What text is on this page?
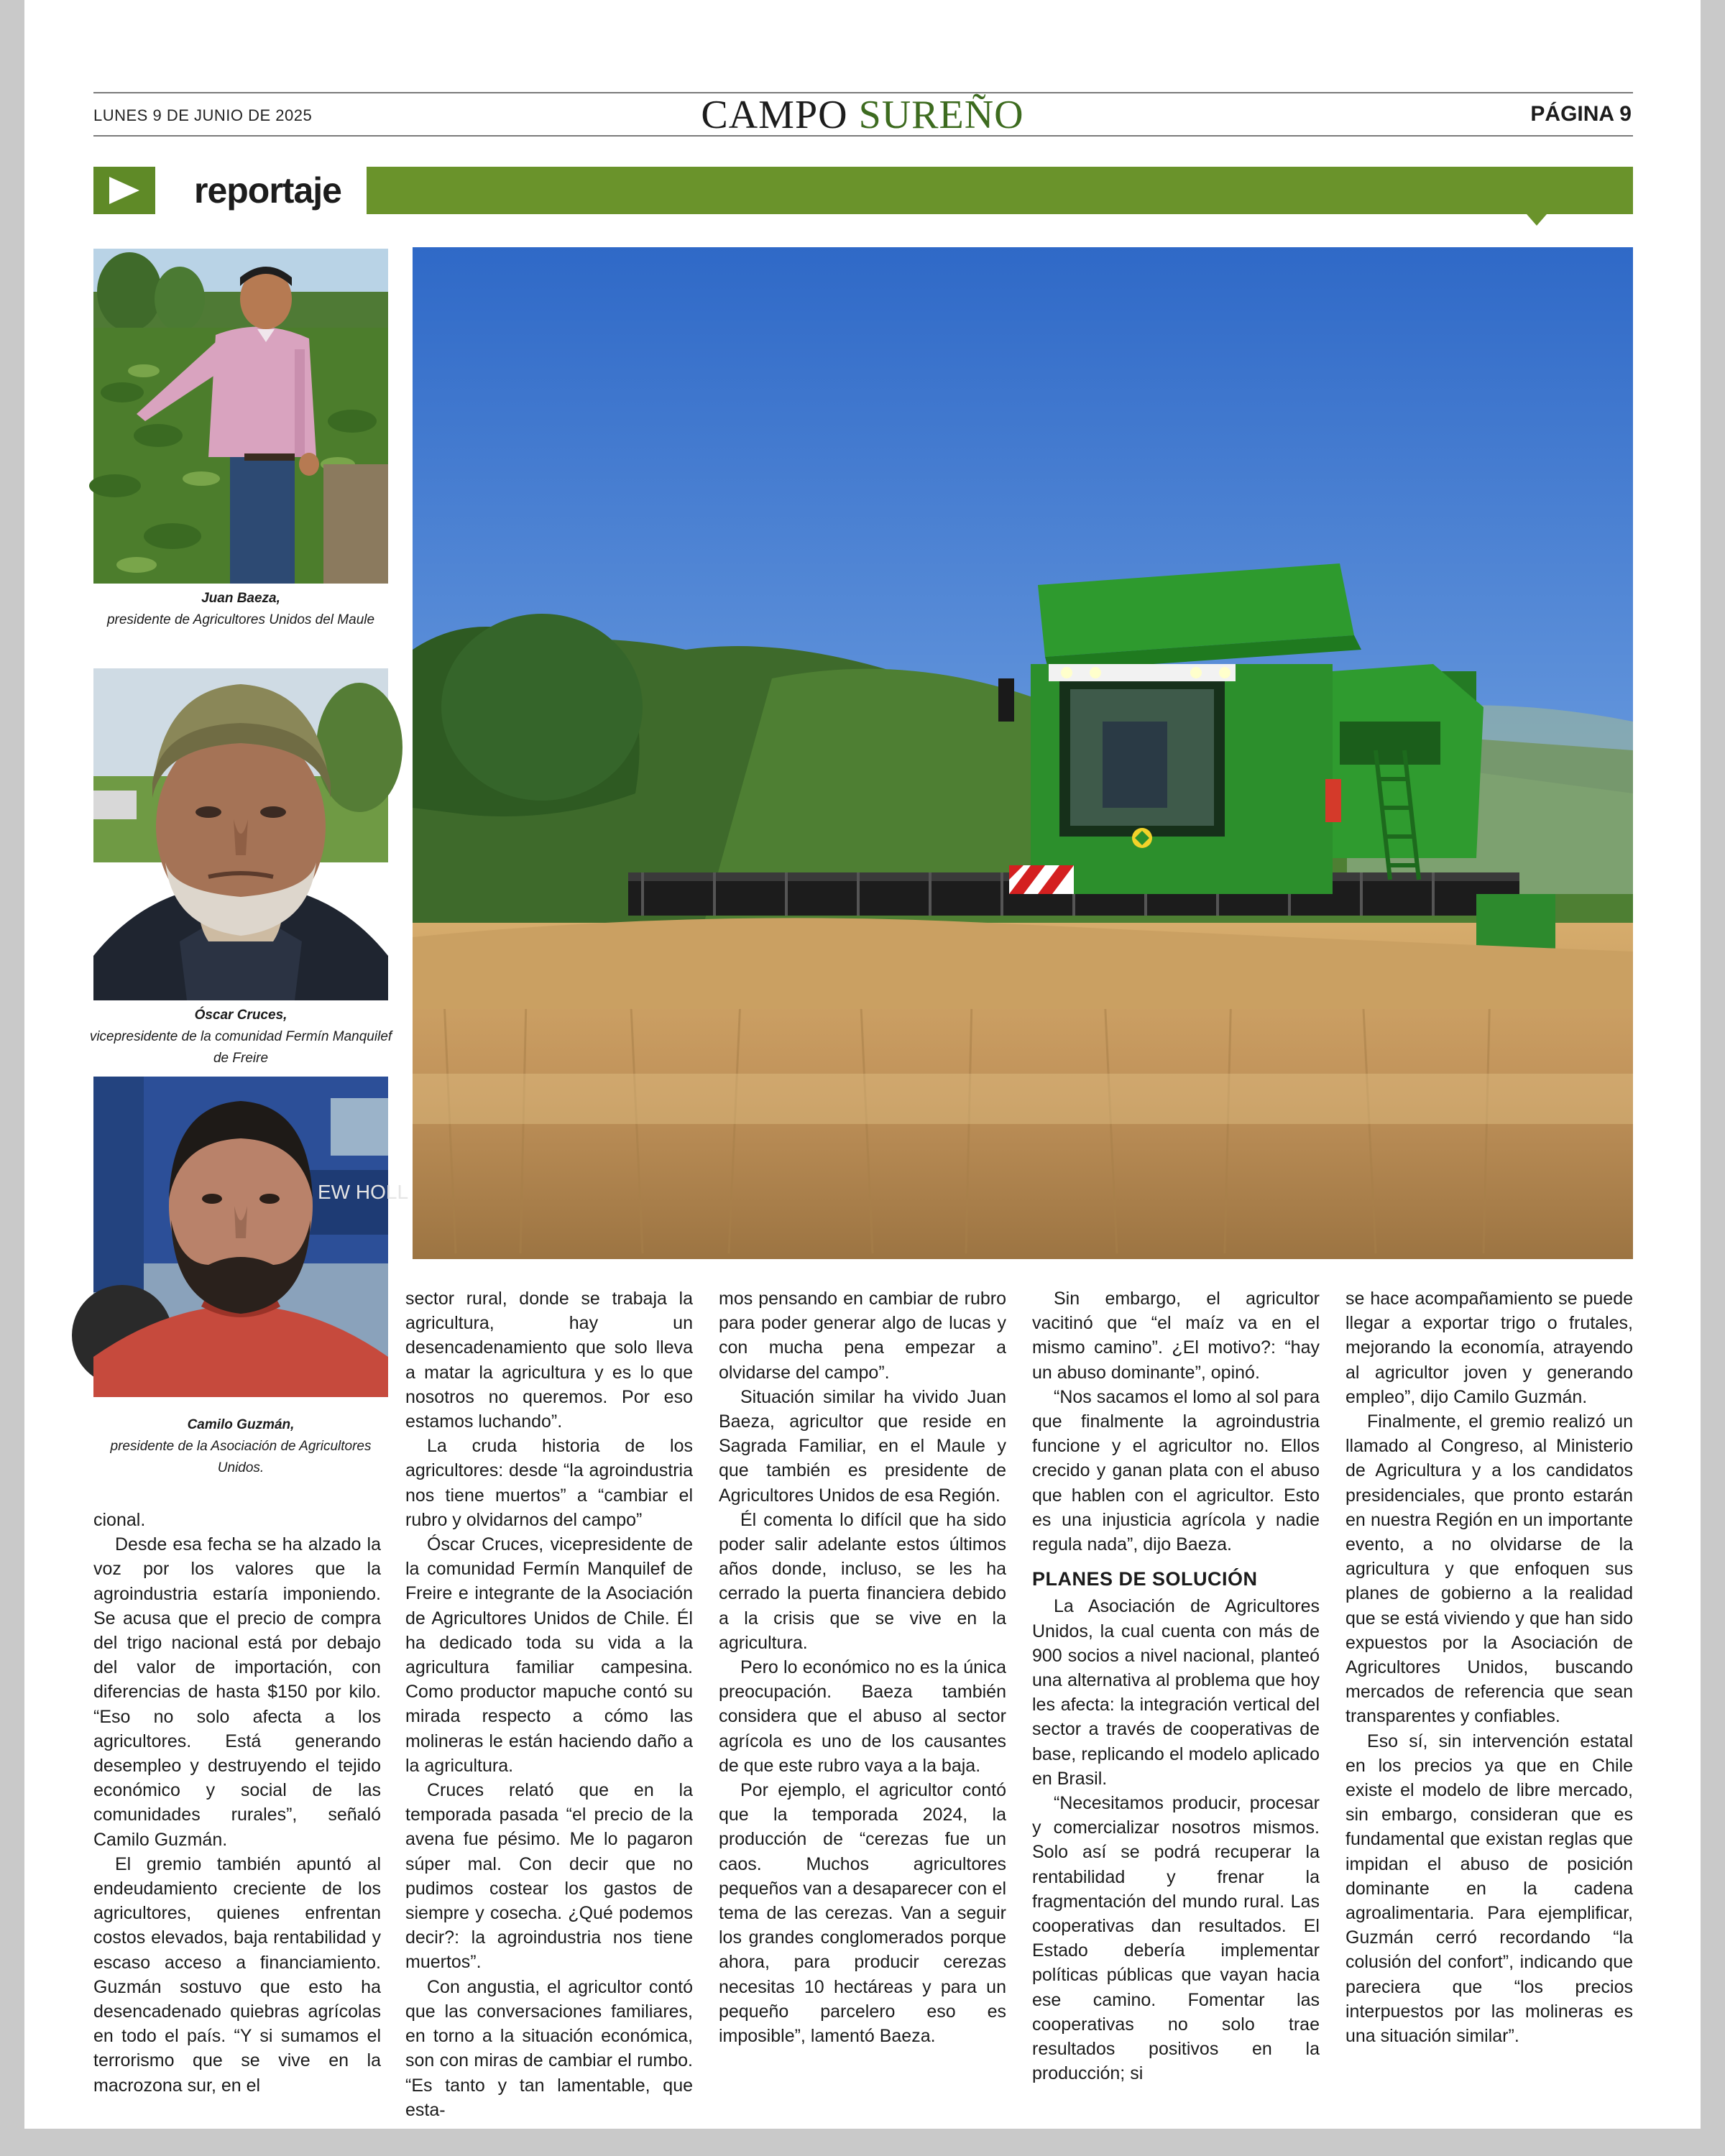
LUNES 9 DE JUNIO DE 2025	CAMPO SUREÑO	PÁGINA 9
reportaje
Juan Baeza,
presidente de Agricultores Unidos del Maule
Óscar Cruces,
vicepresidente de la comunidad Fermín Manquilef de Freire
EW HOLL
Camilo Guzmán,
presidente de la Asociación de Agricultores Unidos.

cional.

Desde esa fecha se ha alzado la voz por los valores que la agroindustria estaría imponiendo. Se acusa que el precio de compra del trigo nacional está por debajo del valor de importación, con diferencias de hasta $150 por kilo. “Eso no solo afecta a los agricultores. Está generando desempleo y destruyendo el tejido económico y social de las comunidades rurales”, señaló Camilo Guzmán.

El gremio también apuntó al endeudamiento creciente de los agricultores, quienes enfrentan costos elevados, baja rentabilidad y escaso acceso a financiamiento. Guzmán sostuvo que esto ha desencadenado quiebras agrícolas en todo el país. “Y si sumamos el terrorismo que se vive en la macrozona sur, en el

sector rural, donde se trabaja la agricultura, hay un desencadenamiento que solo lleva a matar la agricultura y es lo que nosotros no queremos. Por eso estamos luchando”.

La cruda historia de los agricultores: desde “la agroindustria nos tiene muertos” a “cambiar el rubro y olvidarnos del campo”

Óscar Cruces, vicepresidente de la comunidad Fermín Manquilef de Freire e integrante de la Asociación de Agricultores Unidos de Chile. Él ha dedicado toda su vida a la agricultura familiar campesina. Como productor mapuche contó su mirada respecto a cómo las molineras le están haciendo daño a la agricultura.

Cruces relató que en la temporada pasada “el precio de la avena fue pésimo. Me lo pagaron súper mal. Con decir que no pudimos costear los gastos de siempre y cosecha. ¿Qué podemos decir?: la agroindustria nos tiene muertos”.

Con angustia, el agricultor contó que las conversaciones familiares, en torno a la situación económica, son con miras de cambiar el rumbo. “Es tanto y tan lamentable, que esta-

mos pensando en cambiar de rubro para poder generar algo de lucas y con mucha pena empezar a olvidarse del campo”.

Situación similar ha vivido Juan Baeza, agricultor que reside en Sagrada Familiar, en el Maule y que también es presidente de Agricultores Unidos de esa Región.

Él comenta lo difícil que ha sido poder salir adelante estos últimos años donde, incluso, se les ha cerrado la puerta financiera debido a la crisis que se vive en la agricultura.

Pero lo económico no es la única preocupación. Baeza también considera que el abuso al sector agrícola es uno de los causantes de que este rubro vaya a la baja.

Por ejemplo, el agricultor contó que la temporada 2024, la producción de “cerezas fue un caos. Muchos agricultores pequeños van a desaparecer con el tema de las cerezas. Van a seguir los grandes conglomerados porque ahora, para producir cerezas necesitas 10 hectáreas y para un pequeño parcelero eso es imposible”, lamentó Baeza.

Sin embargo, el agricultor vacitinó que “el maíz va en el mismo camino”. ¿El motivo?: “hay un abuso dominante”, opinó.

“Nos sacamos el lomo al sol para que finalmente la agroindustria funcione y el agricultor no. Ellos crecido y ganan plata con el abuso que hablen con el agricultor. Esto es una injusticia agrícola y nadie regula nada”, dijo Baeza.

PLANES DE SOLUCIÓN

La Asociación de Agricultores Unidos, la cual cuenta con más de 900 socios a nivel nacional, planteó una alternativa al problema que hoy les afecta: la integración vertical del sector a través de cooperativas de base, replicando el modelo aplicado en Brasil.

“Necesitamos producir, procesar y comercializar nosotros mismos. Solo así se podrá recuperar la rentabilidad y frenar la fragmentación del mundo rural. Las cooperativas dan resultados. El Estado debería implementar políticas públicas que vayan hacia ese camino. Fomentar las cooperativas no solo trae resultados positivos en la producción; si

se hace acompañamiento se puede llegar a exportar trigo o frutales, mejorando la economía, atrayendo al agricultor joven y generando empleo”, dijo Camilo Guzmán.

Finalmente, el gremio realizó un llamado al Congreso, al Ministerio de Agricultura y a los candidatos presidenciales, que pronto estarán en nuestra Región en un importante evento, a no olvidarse de la agricultura y que enfoquen sus planes de gobierno a la realidad que se está viviendo y que han sido expuestos por la Asociación de Agricultores Unidos, buscando mercados de referencia que sean transparentes y confiables.

Eso sí, sin intervención estatal en los precios ya que en Chile existe el modelo de libre mercado, sin embargo, consideran que es fundamental que existan reglas que impidan el abuso de posición dominante en la cadena agroalimentaria. Para ejemplificar, Guzmán cerró recordando “la colusión del confort”, indicando que pareciera que “los precios interpuestos por las molineras es una situación similar”.
